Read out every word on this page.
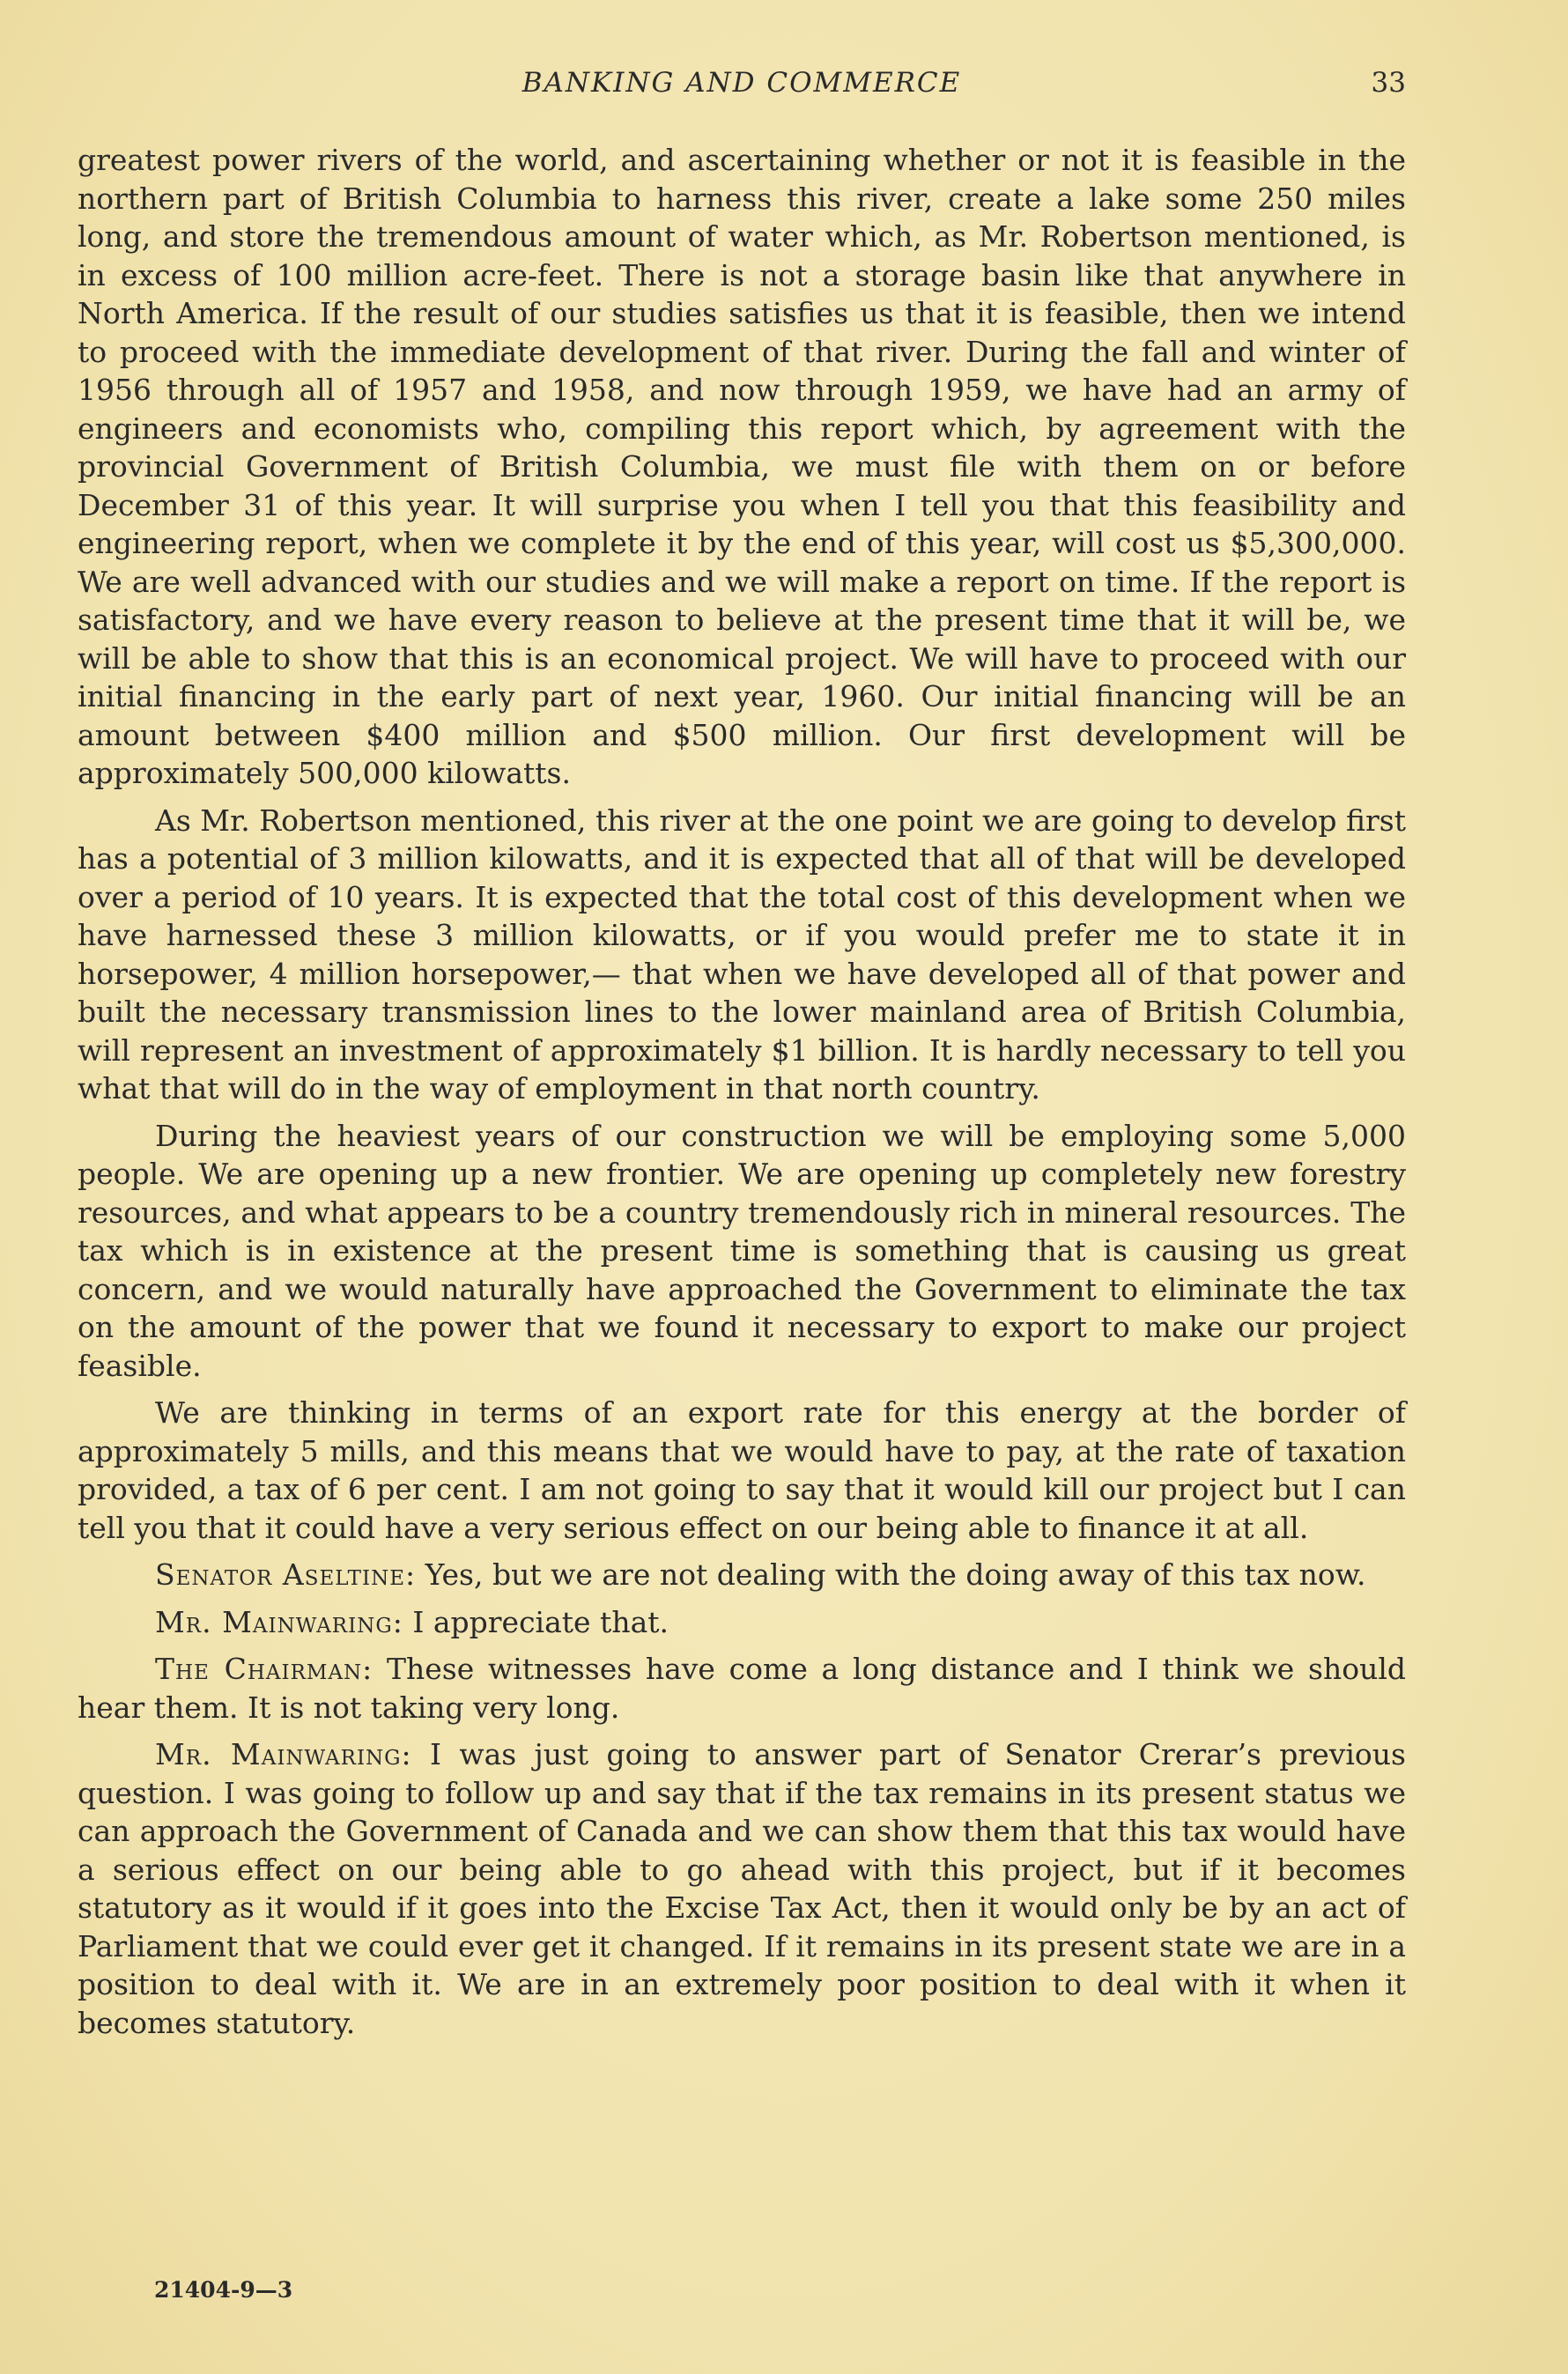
BANKING AND COMMERCE	33

greatest power rivers of the world, and ascertaining whether or not it is feasible in the northern part of British Columbia to harness this river, create a lake some 250 miles long, and store the tremendous amount of water which, as Mr. Robertson mentioned, is in excess of 100 million acre-feet. There is not a storage basin like that anywhere in North America. If the result of our studies satisfies us that it is feasible, then we intend to proceed with the immediate development of that river. During the fall and winter of 1956 through all of 1957 and 1958, and now through 1959, we have had an army of engineers and economists who, compiling this report which, by agreement with the provincial Government of British Columbia, we must file with them on or before December 31 of this year. It will surprise you when I tell you that this feasibility and engineering report, when we complete it by the end of this year, will cost us $5,300,000. We are well advanced with our studies and we will make a report on time. If the report is satisfactory, and we have every reason to believe at the present time that it will be, we will be able to show that this is an economical project. We will have to proceed with our initial financing in the early part of next year, 1960. Our initial financing will be an amount between $400 million and $500 million. Our first development will be approximately 500,000 kilowatts.

As Mr. Robertson mentioned, this river at the one point we are going to develop first has a potential of 3 million kilowatts, and it is expected that all of that will be developed over a period of 10 years. It is expected that the total cost of this development when we have harnessed these 3 million kilowatts, or if you would prefer me to state it in horsepower, 4 million horsepower,— that when we have developed all of that power and built the necessary transmission lines to the lower mainland area of British Columbia, will represent an investment of approximately $1 billion. It is hardly necessary to tell you what that will do in the way of employment in that north country.

During the heaviest years of our construction we will be employing some 5,000 people. We are opening up a new frontier. We are opening up completely new forestry resources, and what appears to be a country tremendously rich in mineral resources. The tax which is in existence at the present time is something that is causing us great concern, and we would naturally have approached the Government to eliminate the tax on the amount of the power that we found it necessary to export to make our project feasible.

We are thinking in terms of an export rate for this energy at the border of approximately 5 mills, and this means that we would have to pay, at the rate of taxation provided, a tax of 6 per cent. I am not going to say that it would kill our project but I can tell you that it could have a very serious effect on our being able to finance it at all.

Senator Aseltine: Yes, but we are not dealing with the doing away of this tax now.

Mr. Mainwaring: I appreciate that.

The Chairman: These witnesses have come a long distance and I think we should hear them. It is not taking very long.

Mr. Mainwaring: I was just going to answer part of Senator Crerar’s previous question. I was going to follow up and say that if the tax remains in its present status we can approach the Government of Canada and we can show them that this tax would have a serious effect on our being able to go ahead with this project, but if it becomes statutory as it would if it goes into the Excise Tax Act, then it would only be by an act of Parliament that we could ever get it changed. If it remains in its present state we are in a position to deal with it. We are in an extremely poor position to deal with it when it becomes statutory.

21404-9—3
